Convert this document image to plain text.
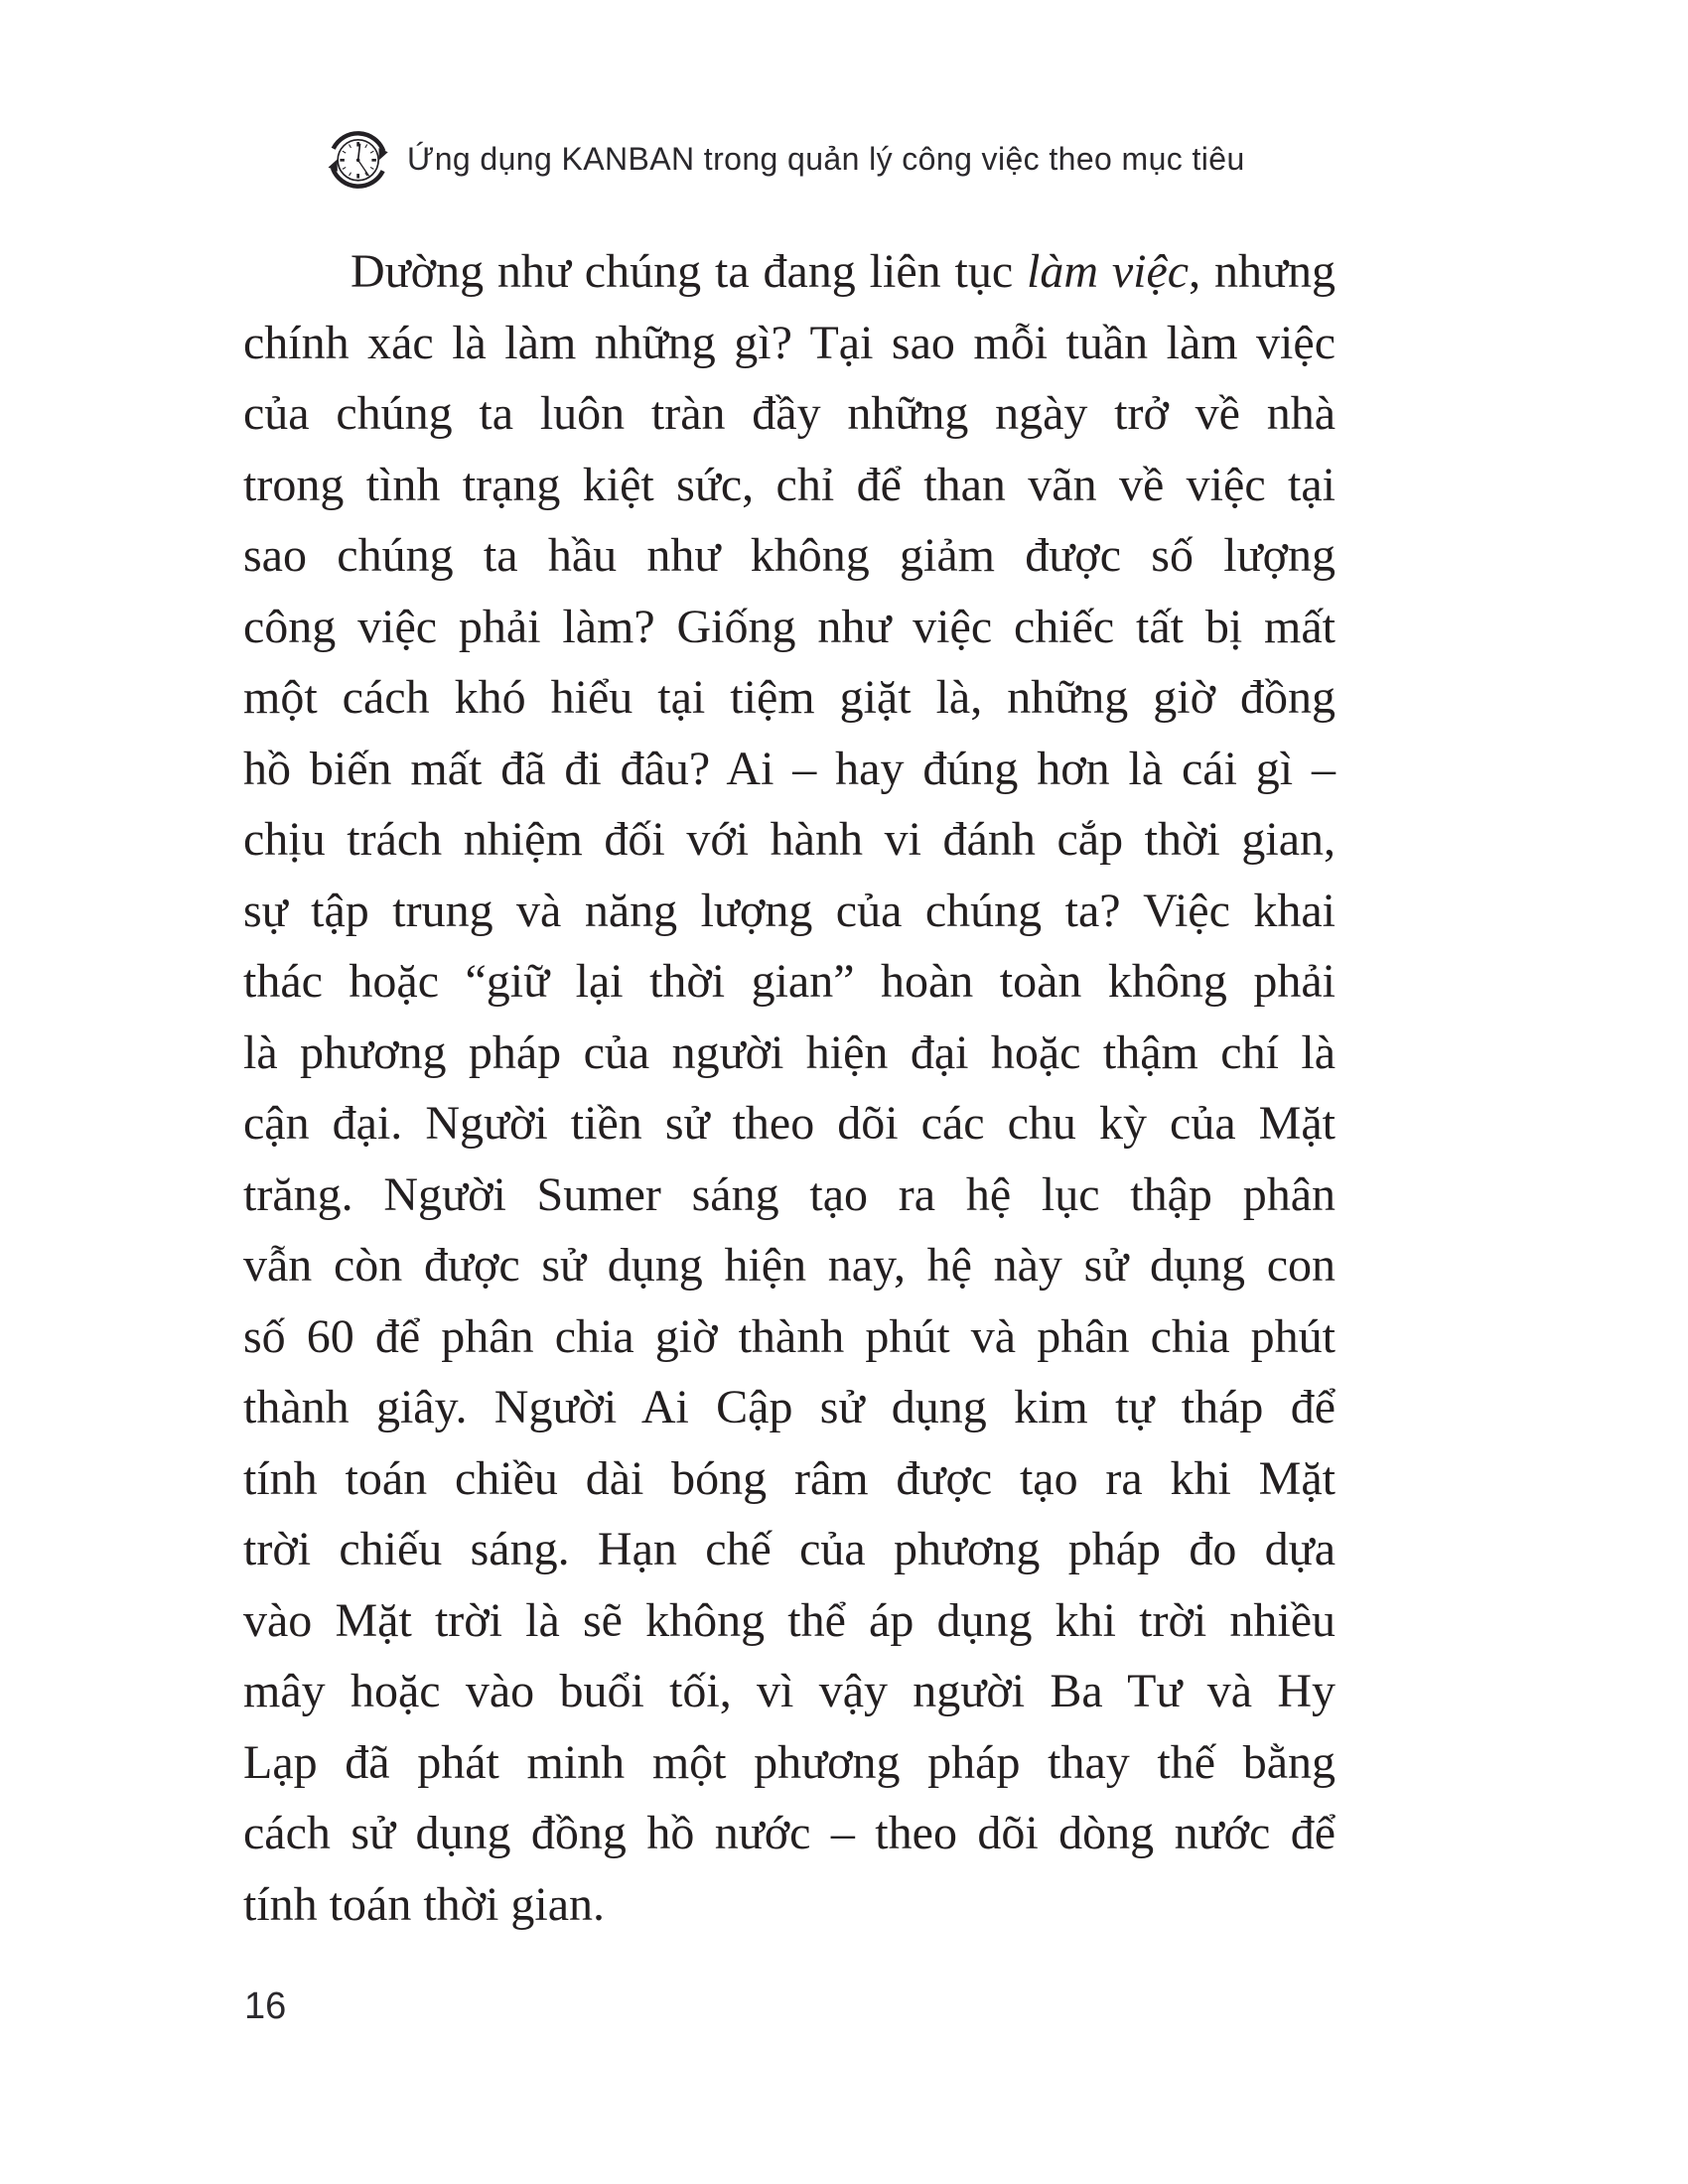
Ứng dụng KANBAN trong quản lý công việc theo mục tiêu
Dường như chúng ta đang liên tục làm việc, nhưng
chính xác là làm những gì? Tại sao mỗi tuần làm việc
của chúng ta luôn tràn đầy những ngày trở về nhà
trong tình trạng kiệt sức, chỉ để than vãn về việc tại
sao chúng ta hầu như không giảm được số lượng
công việc phải làm? Giống như việc chiếc tất bị mất
một cách khó hiểu tại tiệm giặt là, những giờ đồng
hồ biến mất đã đi đâu? Ai – hay đúng hơn là cái gì –
chịu trách nhiệm đối với hành vi đánh cắp thời gian,
sự tập trung và năng lượng của chúng ta? Việc khai
thác hoặc “giữ lại thời gian” hoàn toàn không phải
là phương pháp của người hiện đại hoặc thậm chí là
cận đại. Người tiền sử theo dõi các chu kỳ của Mặt
trăng. Người Sumer sáng tạo ra hệ lục thập phân
vẫn còn được sử dụng hiện nay, hệ này sử dụng con
số 60 để phân chia giờ thành phút và phân chia phút
thành giây. Người Ai Cập sử dụng kim tự tháp để
tính toán chiều dài bóng râm được tạo ra khi Mặt
trời chiếu sáng. Hạn chế của phương pháp đo dựa
vào Mặt trời là sẽ không thể áp dụng khi trời nhiều
mây hoặc vào buổi tối, vì vậy người Ba Tư và Hy
Lạp đã phát minh một phương pháp thay thế bằng
cách sử dụng đồng hồ nước – theo dõi dòng nước để
tính toán thời gian.
16
